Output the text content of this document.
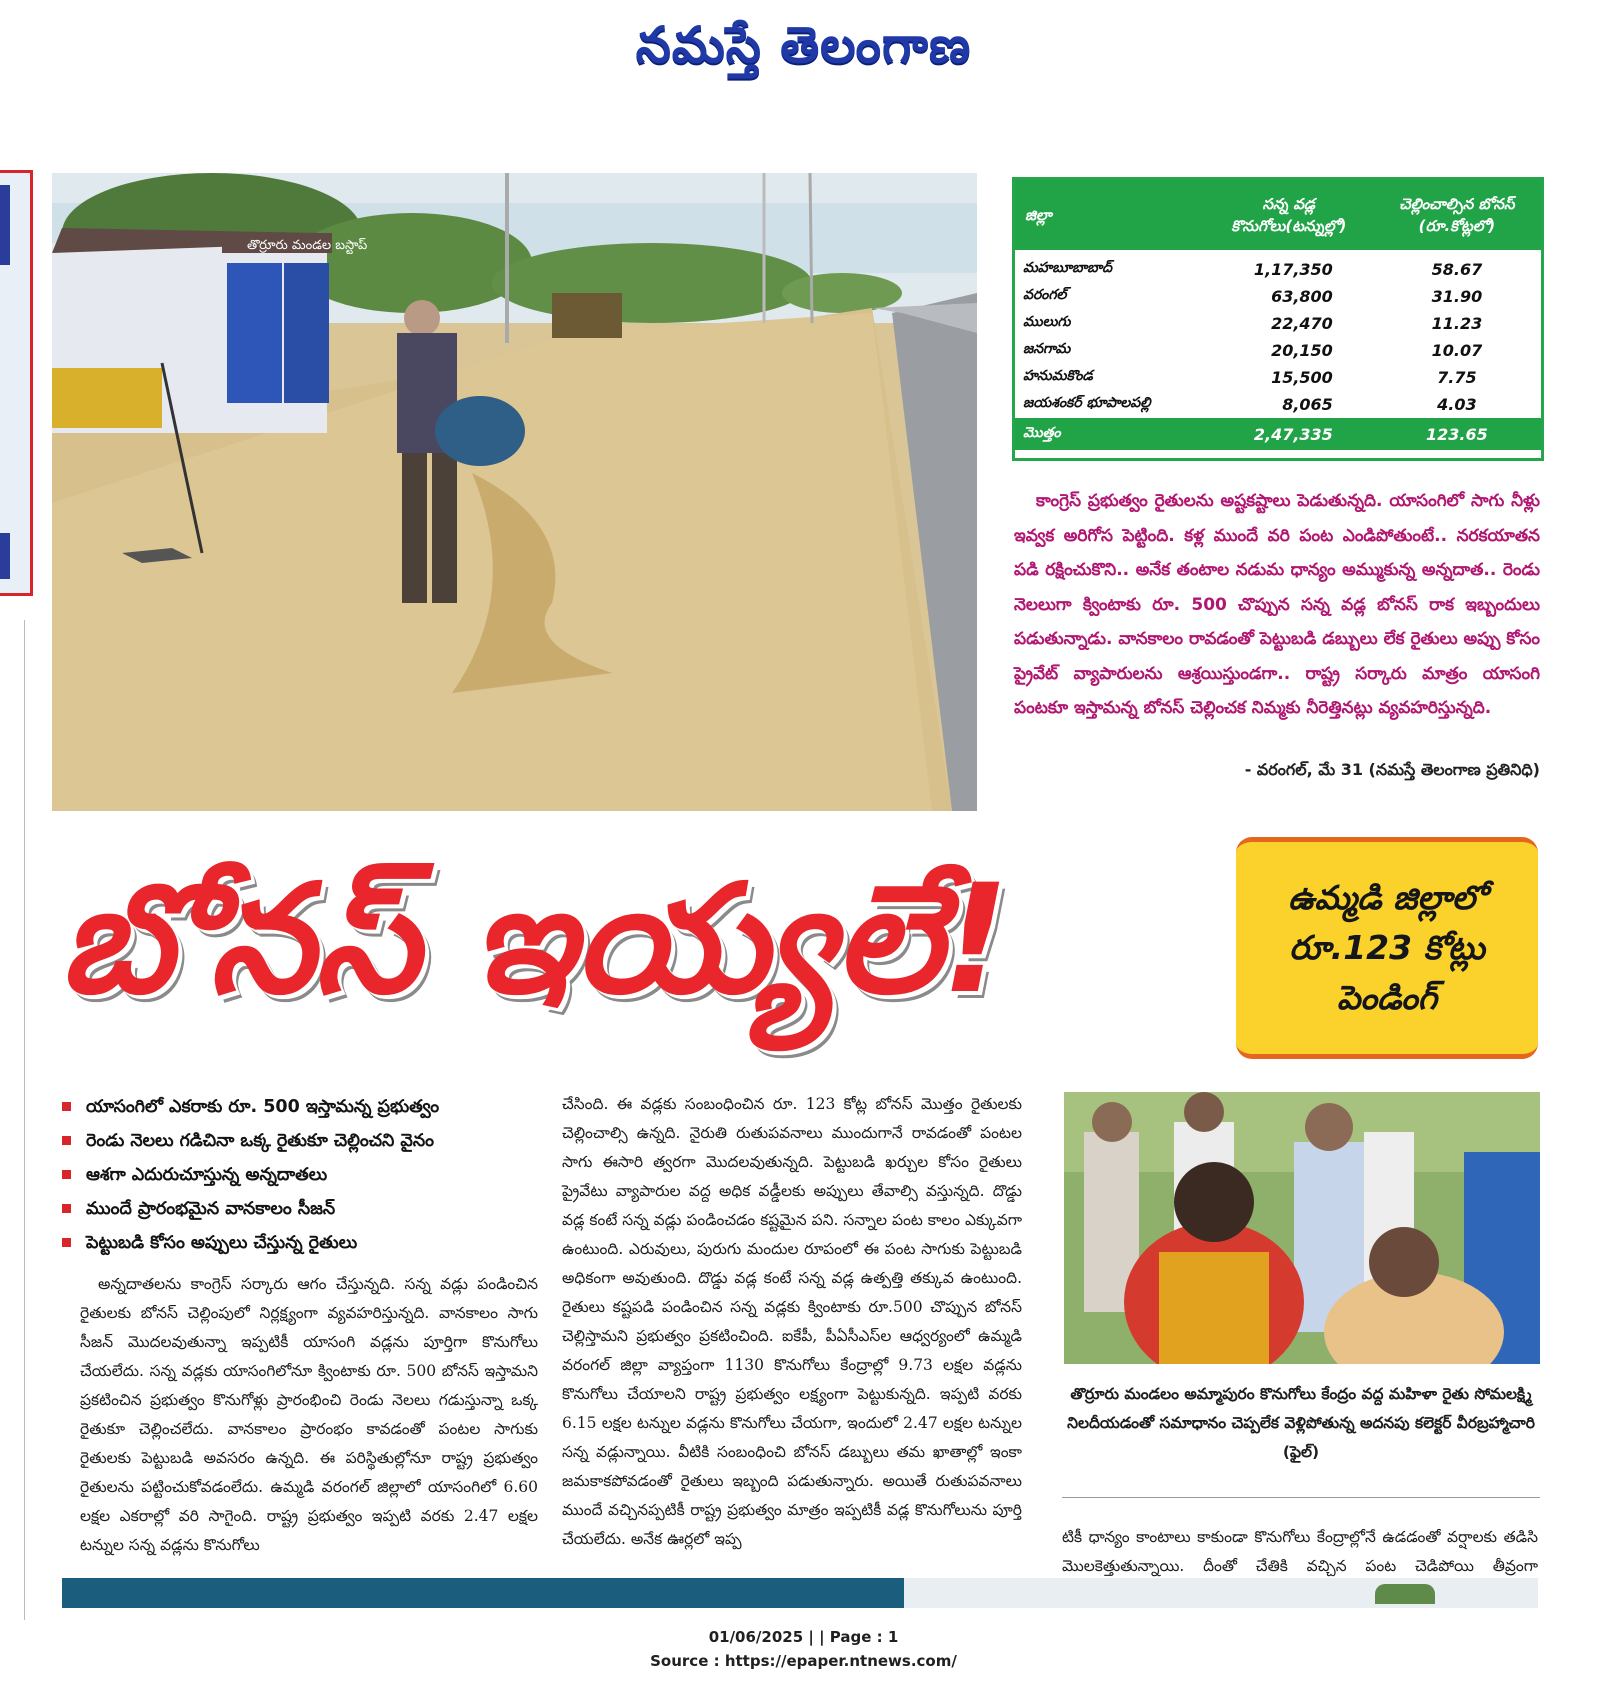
నమస్తే తెలంగాణ
తొర్రూరు మండల బస్టాప్
జిల్లా	సన్న వడ్ల
కొనుగోలు(టన్నుల్లో)	చెల్లించాల్సిన బోనస్
(రూ.కోట్లలో)
మహబూబాబాద్	1,17,350	58.67
వరంగల్	63,800	31.90
ములుగు	22,470	11.23
జనగామ	20,150	10.07
హనుమకొండ	15,500	7.75
జయశంకర్ భూపాలపల్లి	8,065	4.03
మొత్తం	2,47,335	123.65

కాంగ్రెస్ ప్రభుత్వం రైతులను అష్టకష్టాలు పెడుతున్నది. యాసంగిలో సాగు నీళ్లు ఇవ్వక అరిగోస పెట్టింది. కళ్ల ముందే వరి పంట ఎండిపోతుంటే.. నరకయాతన పడి రక్షించుకొని.. అనేక తంటాల నడుమ ధాన్యం అమ్ముకున్న అన్నదాత.. రెండు నెలలుగా క్వింటాకు రూ. 500 చొప్పున సన్న వడ్ల బోనస్ రాక ఇబ్బందులు పడుతున్నాడు. వానకాలం రావడంతో పెట్టుబడి డబ్బులు లేక రైతులు అప్పు కోసం ప్రైవేట్ వ్యాపారులను ఆశ్రయిస్తుండగా.. రాష్ట్ర సర్కారు మాత్రం యాసంగి పంటకూ ఇస్తామన్న బోనస్ చెల్లించక నిమ్మకు నీరెత్తినట్లు వ్యవహరిస్తున్నది.

- వరంగల్, మే 31 (నమస్తే తెలంగాణ ప్రతినిధి)
బోనస్ ఇయ్యలే!	ఉమ్మడి జిల్లాలో
రూ.123 కోట్లు
పెండింగ్
యాసంగిలో ఎకరాకు రూ. 500 ఇస్తామన్న ప్రభుత్వం
రెండు నెలలు గడిచినా ఒక్క రైతుకూ చెల్లించని వైనం
ఆశగా ఎదురుచూస్తున్న అన్నదాతలు
ముందే ప్రారంభమైన వానకాలం సీజన్
పెట్టుబడి కోసం అప్పులు చేస్తున్న రైతులు

అన్నదాతలను కాంగ్రెస్ సర్కారు ఆగం చేస్తున్నది. సన్న వడ్లు పండించిన రైతులకు బోనస్ చెల్లింపులో నిర్లక్ష్యంగా వ్యవహరిస్తున్నది. వానకాలం సాగు సీజన్ మొదలవుతున్నా ఇప్పటికీ యాసంగి వడ్లను పూర్తిగా కొనుగోలు చేయలేదు. సన్న వడ్లకు యాసంగిలోనూ క్వింటాకు రూ. 500 బోనస్ ఇస్తామని ప్రకటించిన ప్రభుత్వం కొనుగోళ్లు ప్రారంభించి రెండు నెలలు గడుస్తున్నా ఒక్క రైతుకూ చెల్లించలేదు. వానకాలం ప్రారంభం కావడంతో పంటల సాగుకు రైతులకు పెట్టుబడి అవసరం ఉన్నది. ఈ పరిస్థితుల్లోనూ రాష్ట్ర ప్రభుత్వం రైతులను పట్టించుకోవడంలేదు. ఉమ్మడి వరంగల్ జిల్లాలో యాసంగిలో 6.60 లక్షల ఎకరాల్లో వరి సాగైంది. రాష్ట్ర ప్రభుత్వం ఇప్పటి వరకు 2.47 లక్షల టన్నుల సన్న వడ్లను కొనుగోలు

చేసింది. ఈ వడ్లకు సంబంధించిన రూ. 123 కోట్ల బోనస్ మొత్తం రైతులకు చెల్లించాల్సి ఉన్నది. నైరుతి రుతుపవనాలు ముందుగానే రావడంతో పంటల సాగు ఈసారి త్వరగా మొదలవుతున్నది. పెట్టుబడి ఖర్చుల కోసం రైతులు ప్రైవేటు వ్యాపారుల వద్ద అధిక వడ్డీలకు అప్పులు తేవాల్సి వస్తున్నది. దొడ్డు వడ్ల కంటే సన్న వడ్లు పండించడం కష్టమైన పని. సన్నాల పంట కాలం ఎక్కువగా ఉంటుంది. ఎరువులు, పురుగు మందుల రూపంలో ఈ పంట సాగుకు పెట్టుబడి అధికంగా అవుతుంది. దొడ్డు వడ్ల కంటే సన్న వడ్ల ఉత్పత్తి తక్కువ ఉంటుంది. రైతులు కష్టపడి పండించిన సన్న వడ్లకు క్వింటాకు రూ.500 చొప్పున బోనస్ చెల్లిస్తామని ప్రభుత్వం ప్రకటించింది. ఐకేపీ, పీఏసీఎస్‌ల ఆధ్వర్యంలో ఉమ్మడి వరంగల్ జిల్లా వ్యాప్తంగా 1130 కొనుగోలు కేంద్రాల్లో 9.73 లక్షల వడ్లను కొనుగోలు చేయాలని రాష్ట్ర ప్రభుత్వం లక్ష్యంగా పెట్టుకున్నది. ఇప్పటి వరకు 6.15 లక్షల టన్నుల వడ్లను కొనుగోలు చేయగా, ఇందులో 2.47 లక్షల టన్నుల సన్న వడ్లున్నాయి. వీటికి సంబంధించి బోనస్ డబ్బులు తమ ఖాతాల్లో ఇంకా జమకాకపోవడంతో రైతులు ఇబ్బంది పడుతున్నారు. అయితే రుతుపవనాలు ముందే వచ్చినప్పటికీ రాష్ట్ర ప్రభుత్వం మాత్రం ఇప్పటికీ వడ్ల కొనుగోలును పూర్తి చేయలేదు. అనేక ఊర్లలో ఇప్ప

తొర్రూరు మండలం అమ్మాపురం కొనుగోలు కేంద్రం వద్ద మహిళా రైతు సోమలక్ష్మి నిలదీయడంతో సమాధానం చెప్పలేక వెళ్లిపోతున్న అదనపు కలెక్టర్ వీరబ్రహ్మాచారి (ఫైల్)

టికీ ధాన్యం కాంటాలు కాకుండా కొనుగోలు కేంద్రాల్లోనే ఉడడంతో వర్షాలకు తడిసి మొలకెత్తుతున్నాయి. దీంతో చేతికి వచ్చిన పంట చెడిపోయి తీవ్రంగా

01/06/2025 | | Page : 1
Source : https://epaper.ntnews.com/
